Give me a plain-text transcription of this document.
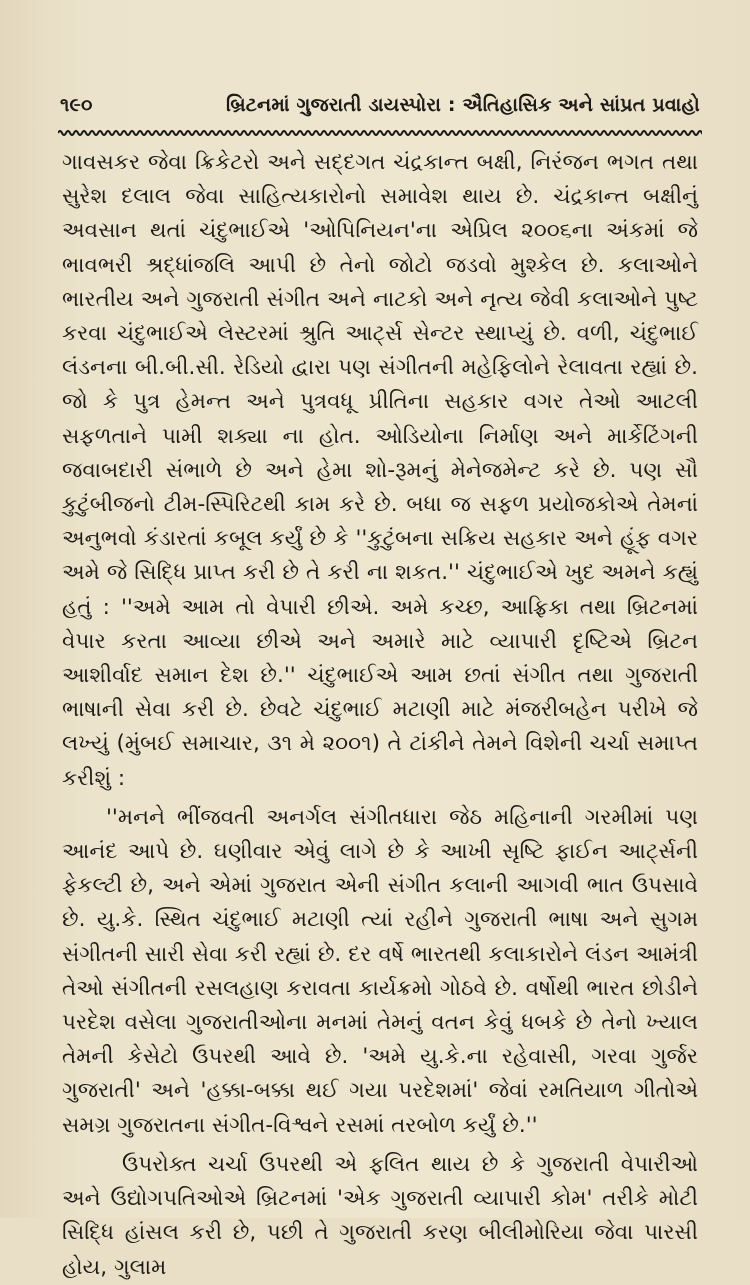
૧૯૦	બ્રિટનમાં ગુજરાતી ડાયસ્પોરા : ઐતિહાસિક અને સાંપ્રત પ્રવાહો

ગાવસકર જેવા ક્રિકેટરો અને સદ્દગત ચંદ્રકાન્ત બક્ષી, નિરંજન ભગત તથા સુરેશ દલાલ જેવા સાહિત્યકારોનો સમાવેશ થાય છે. ચંદ્રકાન્ત બક્ષીનું અવસાન થતાં ચંદુભાઈએ 'ઓપિનિયન'ના એપ્રિલ ૨૦૦૬ના અંકમાં જે ભાવભરી શ્રદ્ધાંજલિ આપી છે તેનો જોટો જડવો મુશ્કેલ છે. કલાઓને ભારતીય અને ગુજરાતી સંગીત અને નાટકો અને નૃત્ય જેવી કલાઓને પુષ્ટ કરવા ચંદુભાઈએ લેસ્ટરમાં શ્રુતિ આર્ટ્સ સેન્ટર સ્થાપ્યું છે. વળી, ચંદુભાઈ લંડનના બી.બી.સી. રેડિયો દ્વારા પણ સંગીતની મહેફિલોને રેલાવતા રહ્યાં છે. જો કે પુત્ર હેમન્ત અને પુત્રવધૂ પ્રીતિના સહકાર વગર તેઓ આટલી સફળતાને પામી શક્યા ના હોત. ઓડિયોના નિર્માણ અને માર્કેટિંગની જવાબદારી સંભાળે છે અને હેમા શો-રૂમનું મેનેજમેન્ટ કરે છે. પણ સૌ કુટુંબીજનો ટીમ-સ્પિરિટથી કામ કરે છે. બધા જ સફળ પ્રયોજકોએ તેમનાં અનુભવો કંડારતાં કબૂલ કર્યું છે કે ''કુટુંબના સક્રિય સહકાર અને હૂંફ વગર અમે જે સિદ્ધિ પ્રાપ્ત કરી છે તે કરી ના શકત.'' ચંદુભાઈએ ખુદ અમને કહ્યું હતું : ''અમે આમ તો વેપારી છીએ. અમે કચ્છ, આફ્રિકા તથા બ્રિટનમાં વેપાર કરતા આવ્યા છીએ અને અમારે માટે વ્યાપારી દૃષ્ટિએ બ્રિટન આશીર્વાદ સમાન દેશ છે.'' ચંદુભાઈએ આમ છતાં સંગીત તથા ગુજરાતી ભાષાની સેવા કરી છે. છેવટે ચંદુભાઈ મટાણી માટે મંજરીબહેન પરીખે જે લખ્યું (મુંબઈ સમાચાર, ૩૧ મે ૨૦૦૧) તે ટાંકીને તેમને વિશેની ચર્ચા સમાપ્ત કરીશું :

''મનને ભીંજવતી અનર્ગલ સંગીતધારા જેઠ મહિનાની ગરમીમાં પણ આનંદ આપે છે. ઘણીવાર એવું લાગે છે કે આખી સૃષ્ટિ ફાઈન આર્ટ્સની ફેકલ્ટી છે, અને એમાં ગુજરાત એની સંગીત કલાની આગવી ભાત ઉપસાવે છે. યુ.કે. સ્થિત ચંદુભાઈ મટાણી ત્યાં રહીને ગુજરાતી ભાષા અને સુગમ સંગીતની સારી સેવા કરી રહ્યાં છે. દર વર્ષે ભારતથી કલાકારોને લંડન આમંત્રી તેઓ સંગીતની રસલહાણ કરાવતા કાર્યક્રમો ગોઠવે છે. વર્ષોથી ભારત છોડીને પરદેશ વસેલા ગુજરાતીઓના મનમાં તેમનું વતન કેવું ધબકે છે તેનો ખ્યાલ તેમની કેસેટો ઉપરથી આવે છે. 'અમે યુ.કે.ના રહેવાસી, ગરવા ગુર્જર ગુજરાતી' અને 'હક્કા-બક્કા થઈ ગયા પરદેશમાં' જેવાં રમતિયાળ ગીતોએ સમગ્ર ગુજરાતના સંગીત-વિશ્વને રસમાં તરબોળ કર્યું છે.''

ઉપરોક્ત ચર્ચા ઉપરથી એ ફલિત થાય છે કે ગુજરાતી વેપારીઓ અને ઉદ્યોગપતિઓએ બ્રિટનમાં 'એક ગુજરાતી વ્યાપારી કોમ' તરીકે મોટી સિદ્ધિ હાંસલ કરી છે, પછી તે ગુજરાતી કરણ બીલીમોરિયા જેવા પારસી હોય, ગુલામ
